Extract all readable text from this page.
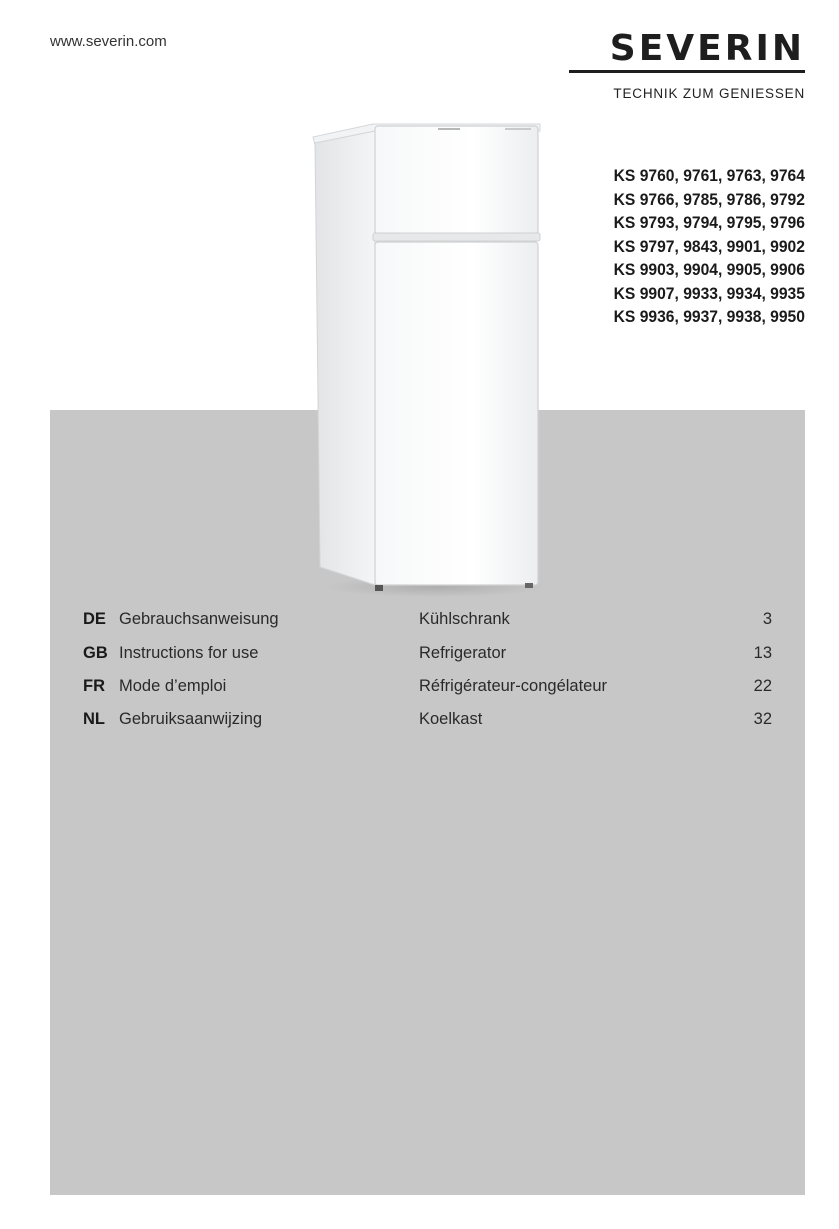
www.severin.com	SEVERIN
TECHNIK ZUM GENIESSEN
KS 9760, 9761, 9763, 9764
KS 9766, 9785, 9786, 9792
KS 9793, 9794, 9795, 9796
KS 9797, 9843, 9901, 9902
KS 9903, 9904, 9905, 9906
KS 9907, 9933, 9934, 9935
KS 9936, 9937, 9938, 9950
DE Gebrauchsanweisung	Kühlschrank	3
GB Instructions for use	Refrigerator	13
FR Mode d’emploi	Réfrigérateur-congélateur	22
NL Gebruiksaanwijzing	Koelkast	32
